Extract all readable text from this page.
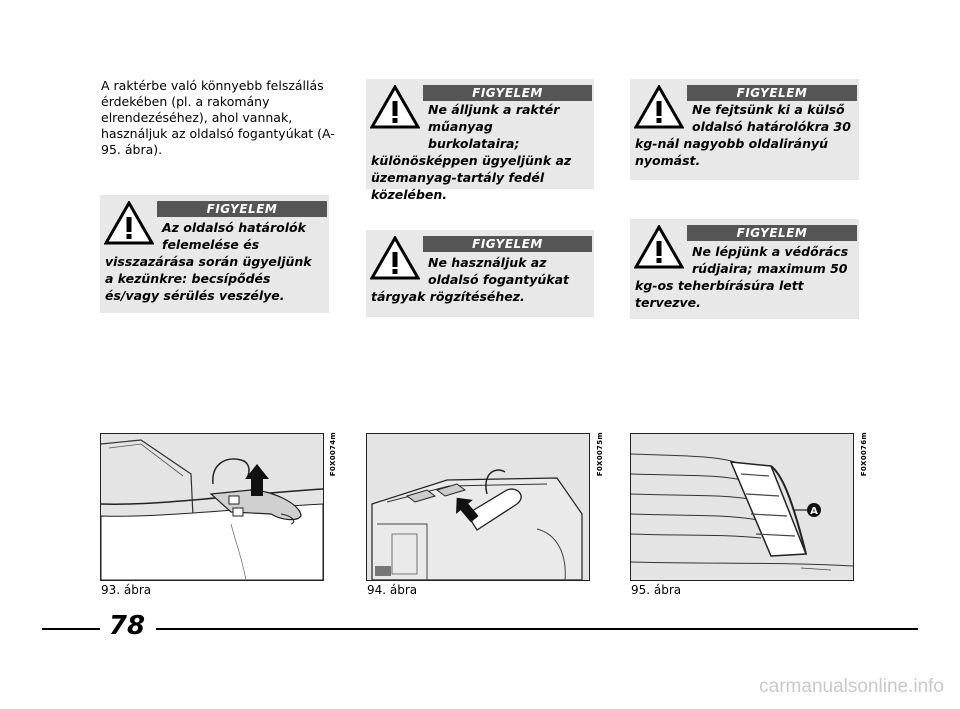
A raktérbe való könnyebb felszállás érdekében (pl. a rakomány elrendezéséhez), ahol vannak, használjuk az oldalsó fogantyúkat (A-95. ábra).

FIGYELEM
Az oldalsó határolók felemelése és
visszazárása során ügyeljünk a kezünkre: becsípődés és/vagy sérülés veszélye.
FIGYELEM
Ne álljunk a raktér műanyag burkolataira;
különösképpen ügyeljünk az üzemanyag-tartály fedél közelében.
FIGYELEM
Ne használjuk az oldalsó fogantyúkat
tárgyak rögzítéséhez.
FIGYELEM
Ne fejtsünk ki a külső oldalsó határolókra 30
kg-nál nagyobb oldalirányú nyomást.
FIGYELEM
Ne lépjünk a védőrács rúdjaira; maximum 50
kg-os teherbírásúra lett tervezve.
F0X0074m
93. ábra
F0X0075m
94. ábra
A
F0X0076m
95. ábra
78
carmanualsonline.info
